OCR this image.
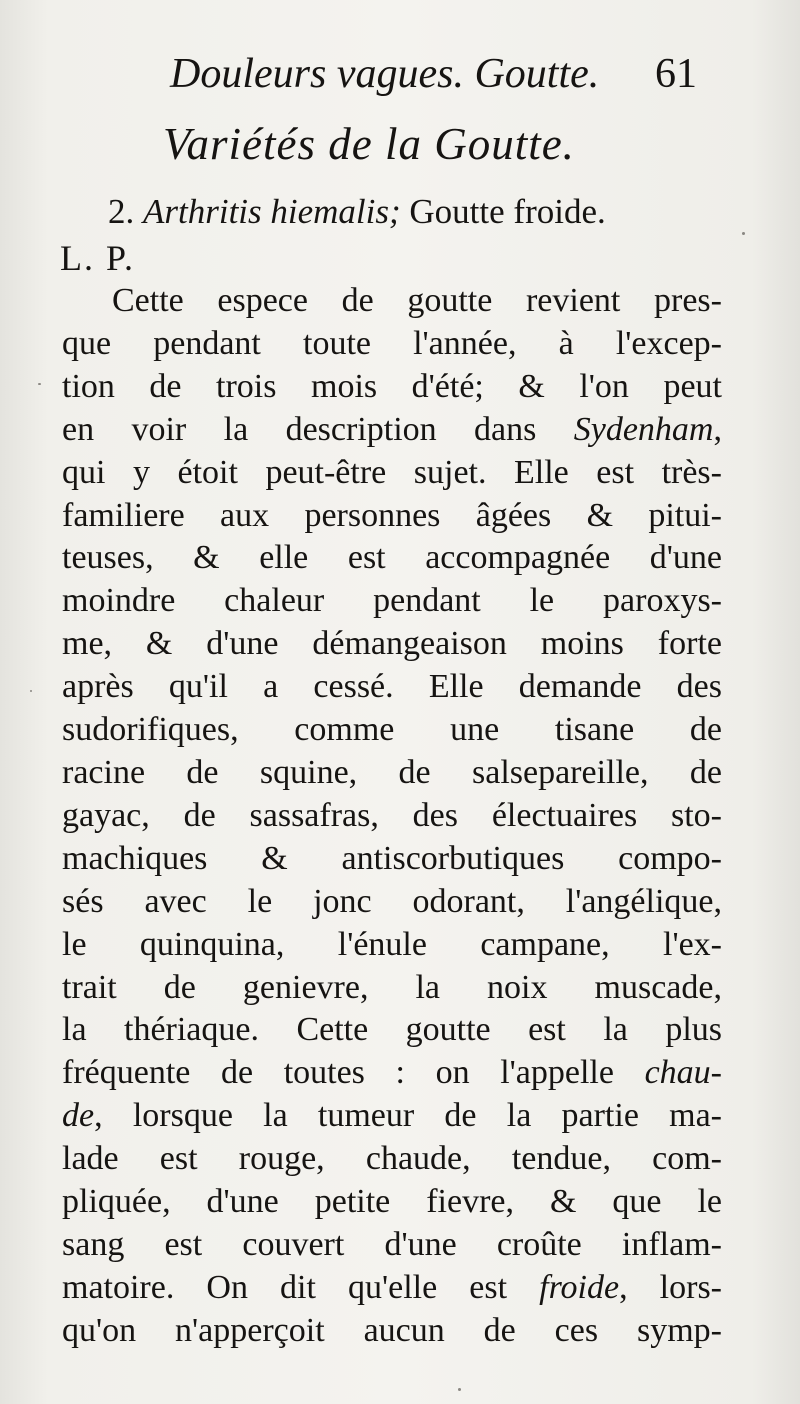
Douleurs vagues. Goutte. 61
Variétés de la Goutte.
2. Arthritis hiemalis; Goutte froide.
L. P.
Cette espece de goutte revient pres-
que pendant toute l'année, à l'excep-
tion de trois mois d'été; & l'on peut
en voir la description dans Sydenham,
qui y étoit peut-être sujet. Elle est très-
familiere aux personnes âgées & pitui-
teuses, & elle est accompagnée d'une
moindre chaleur pendant le paroxys-
me, & d'une démangeaison moins forte
après qu'il a cessé. Elle demande des
sudorifiques, comme une tisane de
racine de squine, de salsepareille, de
gayac, de sassafras, des électuaires sto-
machiques & antiscorbutiques compo-
sés avec le jonc odorant, l'angélique,
le quinquina, l'énule campane, l'ex-
trait de genievre, la noix muscade,
la thériaque. Cette goutte est la plus
fréquente de toutes : on l'appelle chau-
de, lorsque la tumeur de la partie ma-
lade est rouge, chaude, tendue, com-
pliquée, d'une petite fievre, & que le
sang est couvert d'une croûte inflam-
matoire. On dit qu'elle est froide, lors-
qu'on n'apperçoit aucun de ces symp-
